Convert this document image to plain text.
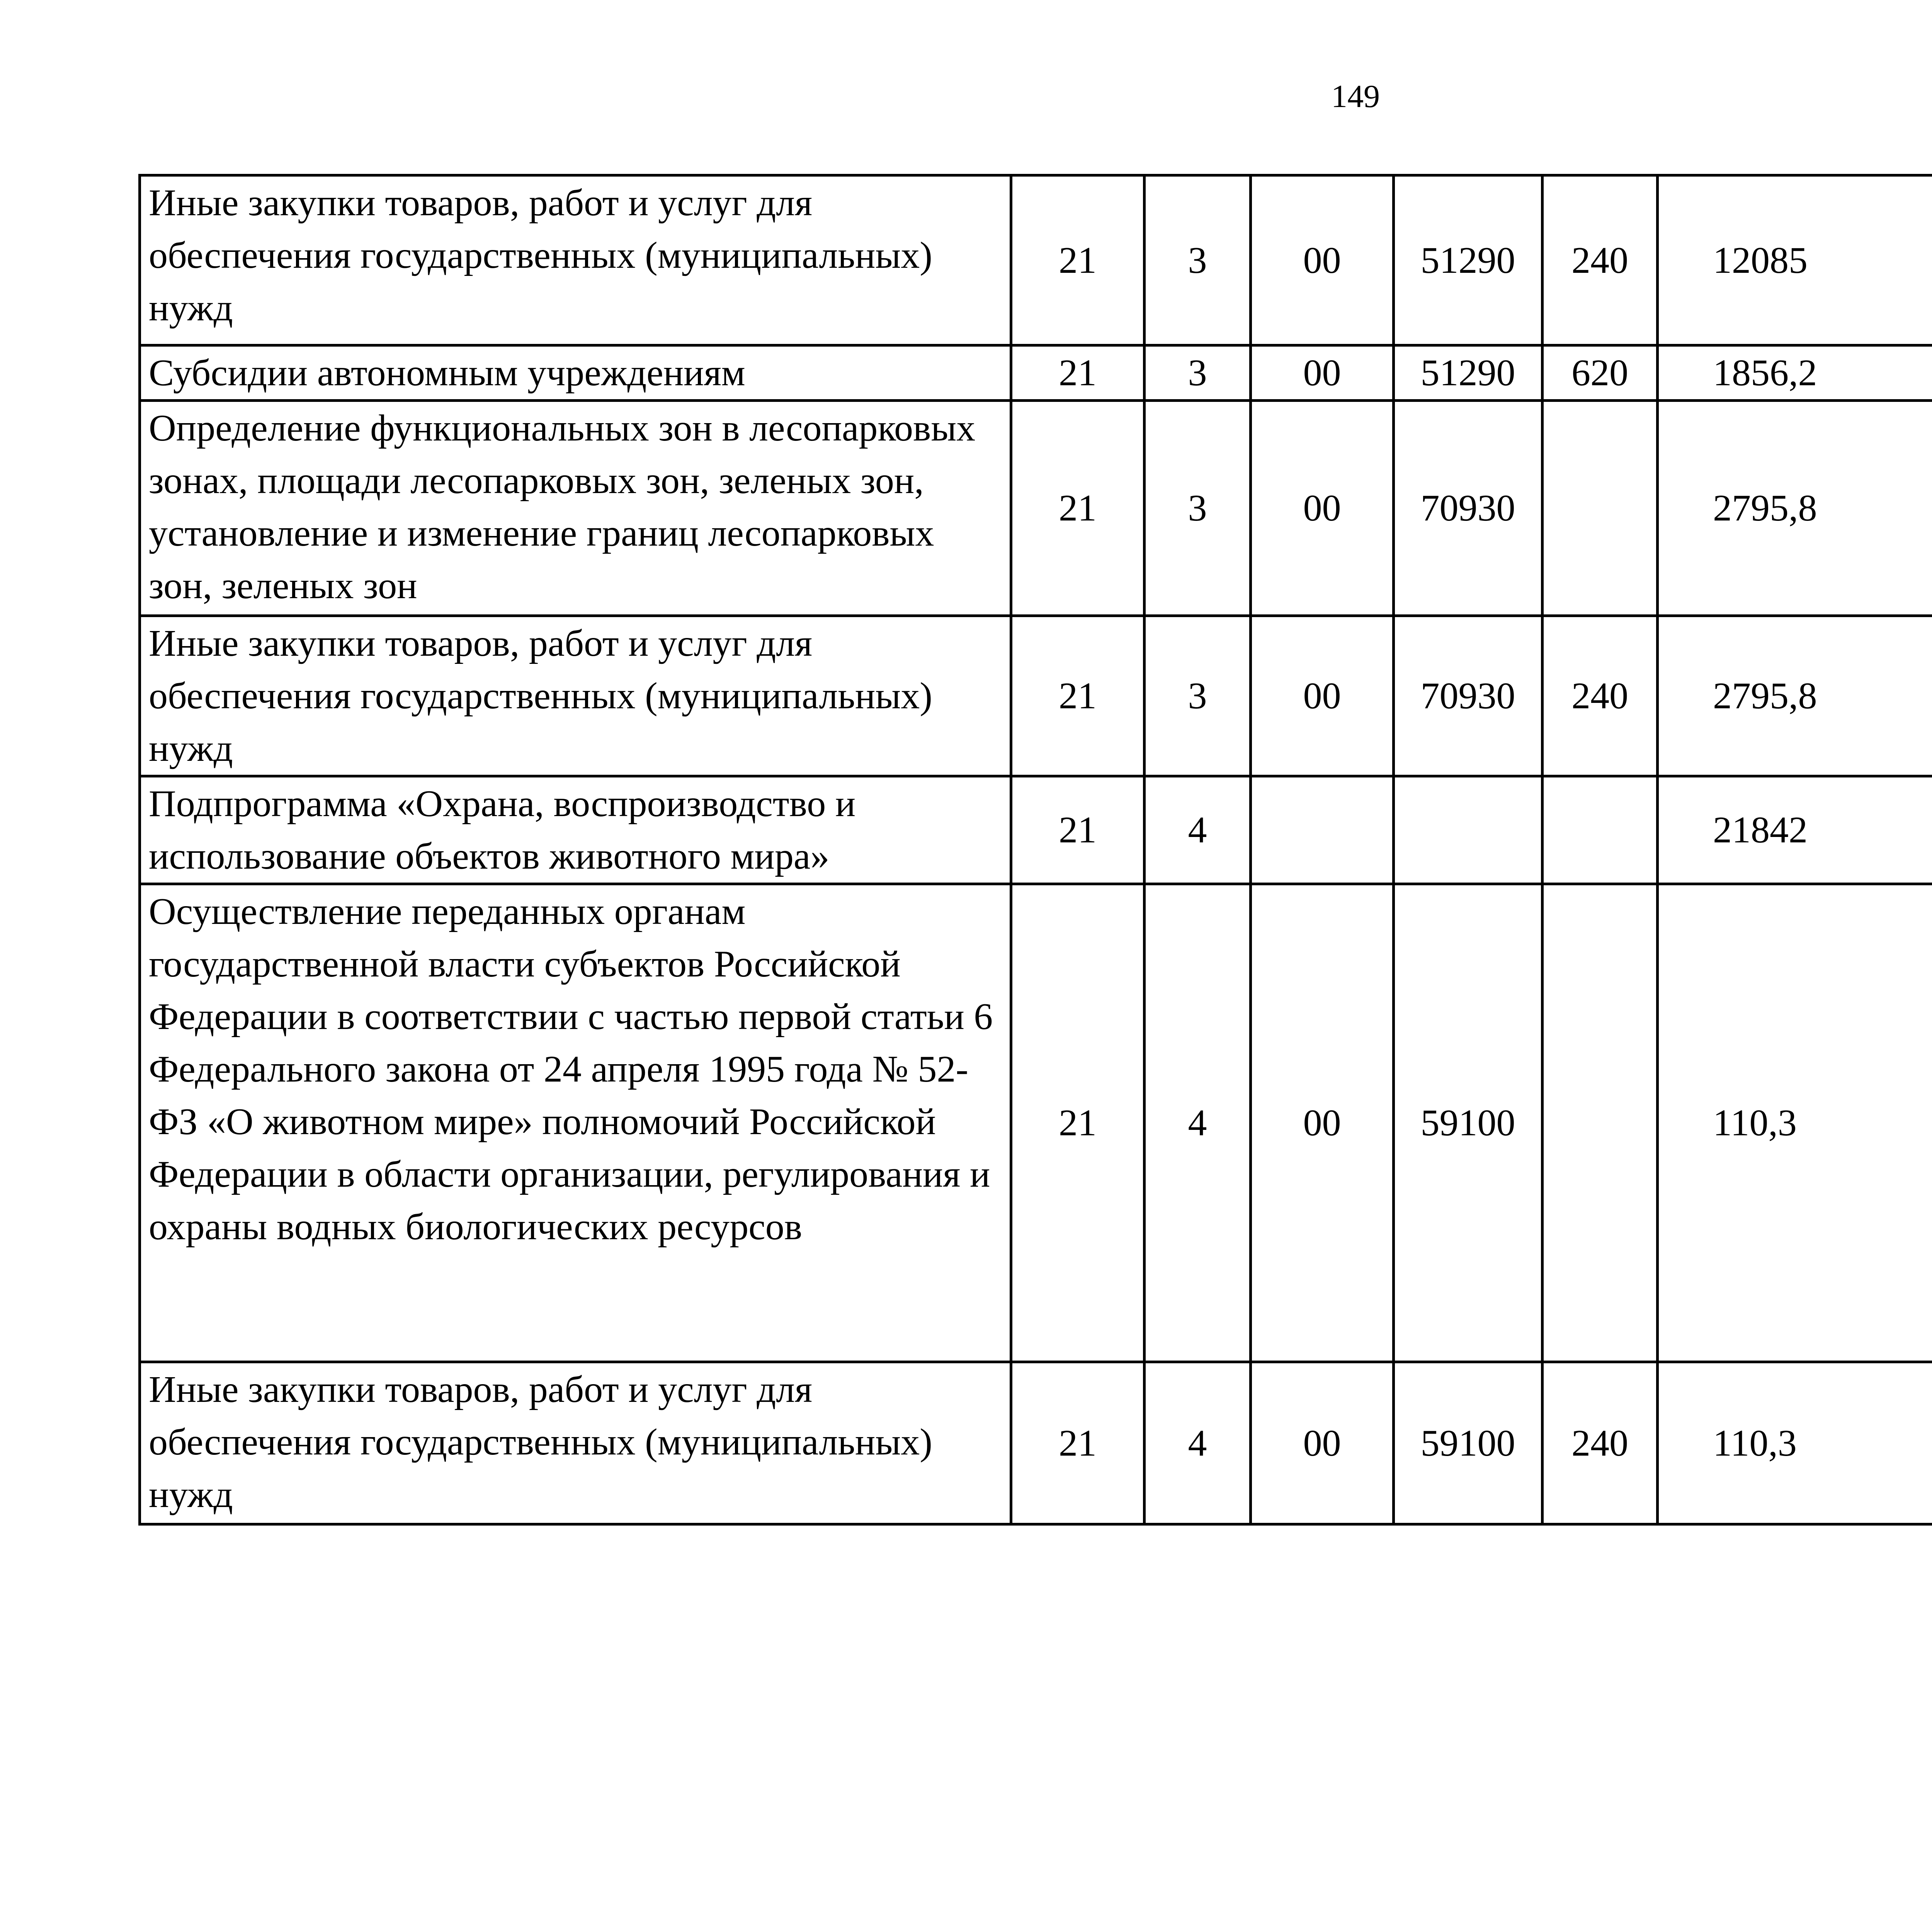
149
Иные закупки товаров, работ и услуг для обеспечения государственных (муниципальных) нужд	21	3	00	51290	240	12085		

Субсидии автономным учреждениям	21	3	00	51290	620	1856,2		

Определение функциональных зон в лесопарковых зонах, площади лесопарковых зон, зеленых зон, установление и изменение границ лесопарковых зон, зеленых зон	21	3	00	70930		2795,8		

Иные закупки товаров, работ и услуг для обеспечения государственных (муниципальных) нужд	21	3	00	70930	240	2795,8		

Подпрограмма «Охрана, воспроизводство и использование объектов животного мира»	21	4				21842		

Осуществление переданных органам государственной власти субъектов Российской Федерации в соответствии с частью первой статьи 6 Федерального закона от 24 апреля 1995 года № 52-ФЗ «О животном мире» полномочий Российской Федерации в области организации, регулирования и охраны водных биологических ресурсов	21	4	00	59100		110,3		

Иные закупки товаров, работ и услуг для обеспечения государственных (муниципальных) нужд	21	4	00	59100	240	110,3		
